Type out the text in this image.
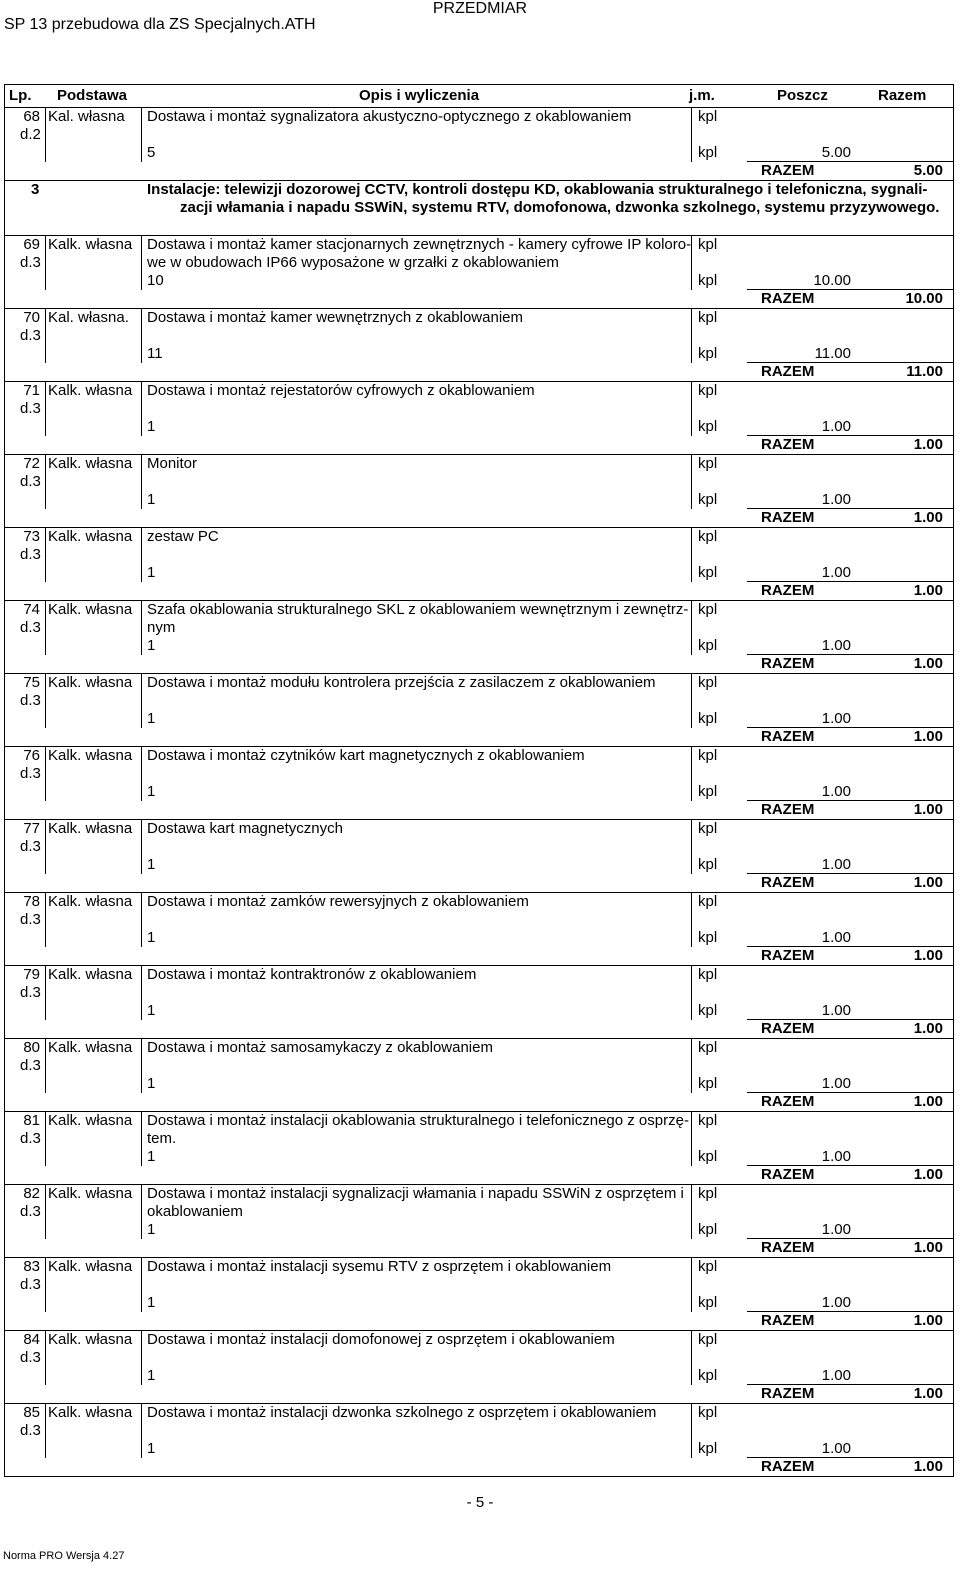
SP 13 przebudowa dla ZS Specjalnych.ATH
PRZEDMIAR
Lp. Podstawa	Opis i wyliczenia	j.m.	Poszcz	Razem
68 Kal. własna
d.2
Dostawa i montaż sygnalizatora akustyczno-optycznego z okablowaniem	kpl
5	kpl	5.00
RAZEM	5.00
3	Instalacje: telewizji dozorowej CCTV, kontroli dostępu KD, okablowania strukturalnego i telefoniczna, sygnali-
zacji włamania i napadu SSWiN, systemu RTV, domofonowa, dzwonka szkolnego, systemu przyzywowego.
69 Kalk. własna
d.3
Dostawa i montaż kamer stacjonarnych zewnętrznych - kamery cyfrowe IP koloro-
we w obudowach IP66 wyposażone w grzałki z okablowaniem
kpl
10	kpl	10.00
RAZEM	10.00
70 Kal. własna.
d.3
Dostawa i montaż kamer wewnętrznych z okablowaniem	kpl
11	kpl	11.00
RAZEM	11.00
71 Kalk. własna
d.3
Dostawa i montaż rejestatorów cyfrowych z okablowaniem	kpl
1	kpl	1.00
RAZEM	1.00
72 Kalk. własna
d.3
Monitor	kpl
1	kpl	1.00
RAZEM	1.00
73 Kalk. własna
d.3
zestaw PC	kpl
1	kpl	1.00
RAZEM	1.00
74 Kalk. własna
d.3
Szafa okablowania strukturalnego SKL z okablowaniem wewnętrznym i zewnętrz-
nym
kpl
1	kpl	1.00
RAZEM	1.00
75 Kalk. własna
d.3
Dostawa i montaż modułu kontrolera przejścia z zasilaczem z okablowaniem	kpl
1	kpl	1.00
RAZEM	1.00
76 Kalk. własna
d.3
Dostawa i montaż czytników kart magnetycznych z okablowaniem	kpl
1	kpl	1.00
RAZEM	1.00
77 Kalk. własna
d.3
Dostawa kart magnetycznych	kpl
1	kpl	1.00
RAZEM	1.00
78 Kalk. własna
d.3
Dostawa i montaż zamków rewersyjnych z okablowaniem	kpl
1	kpl	1.00
RAZEM	1.00
79 Kalk. własna
d.3
Dostawa i montaż kontraktronów z okablowaniem	kpl
1	kpl	1.00
RAZEM	1.00
80 Kalk. własna
d.3
Dostawa i montaż samosamykaczy z okablowaniem	kpl
1	kpl	1.00
RAZEM	1.00
81 Kalk. własna
d.3
Dostawa i montaż instalacji okablowania strukturalnego i telefonicznego z osprzę-
tem.
kpl
1	kpl	1.00
RAZEM	1.00
82 Kalk. własna
d.3
Dostawa i montaż instalacji sygnalizacji włamania i napadu SSWiN z osprzętem i
okablowaniem
kpl
1	kpl	1.00
RAZEM	1.00
83 Kalk. własna
d.3
Dostawa i montaż instalacji sysemu RTV z osprzętem i okablowaniem	kpl
1	kpl	1.00
RAZEM	1.00
84 Kalk. własna
d.3
Dostawa i montaż instalacji domofonowej z osprzętem i okablowaniem	kpl
1	kpl	1.00
RAZEM	1.00
85 Kalk. własna
d.3
Dostawa i montaż instalacji dzwonka szkolnego z osprzętem i okablowaniem	kpl
1	kpl	1.00
RAZEM	1.00
- 5 -
Norma PRO Wersja 4.27
